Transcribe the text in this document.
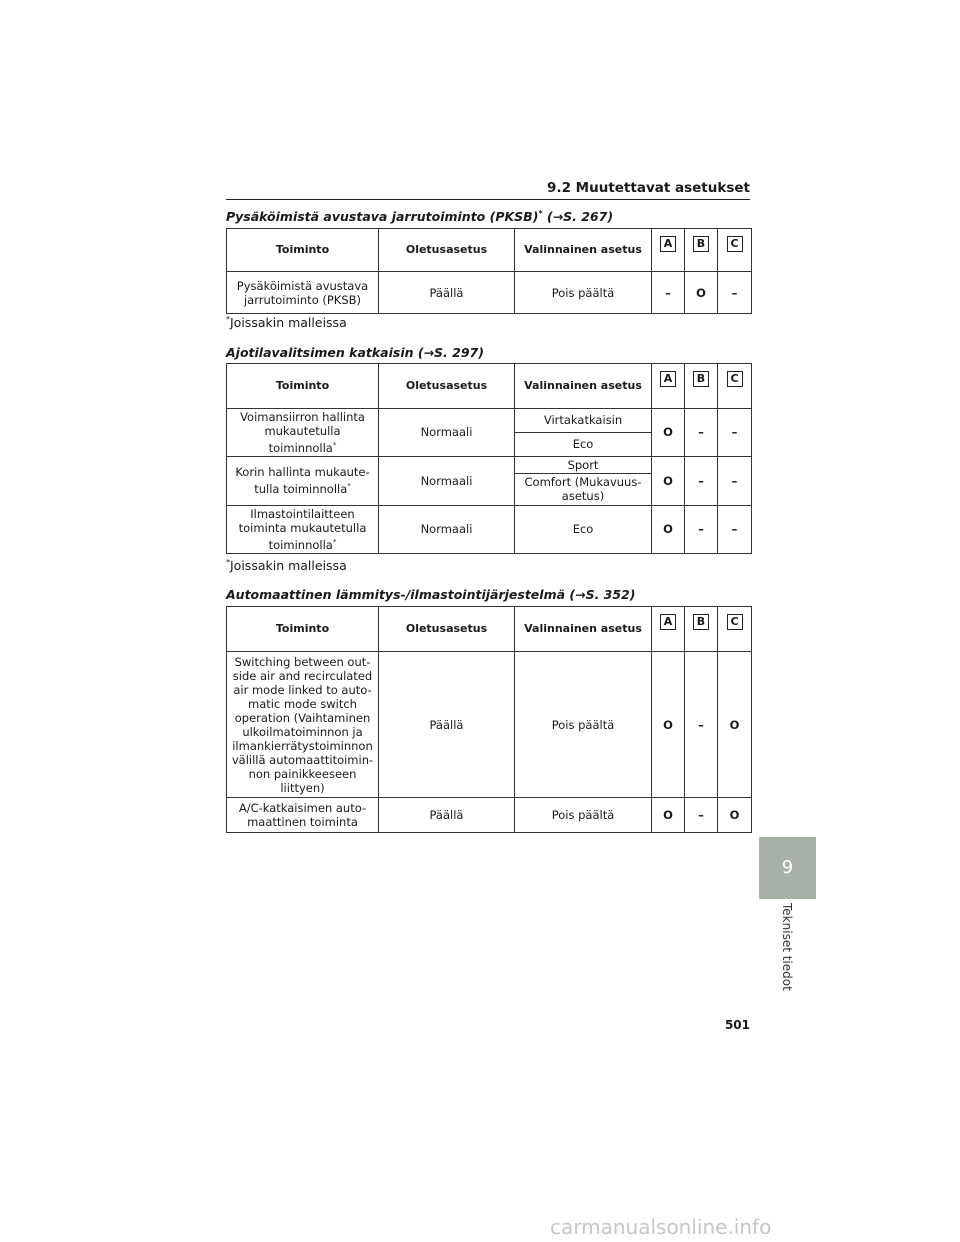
9.2 Muutettavat asetukset
Pysäköimistä avustava jarrutoiminto (PKSB)* (→S. 267)
Toiminto	Oletusasetus	Valinnainen asetus	A	B	C

Pysäköimistä avustava jarrutoiminto (PKSB)	Päällä	Pois päältä	–	O	–
*Joissakin malleissa
Ajotilavalitsimen katkaisin (→S. 297)
Toiminto	Oletusasetus	Valinnainen asetus	A	B	C

Voimansiirron hallinta mukautetulla toiminnolla*	Normaali	Virtakatkaisin	O	–	–
		Eco			
Korin hallinta mukaute-tulla toiminnolla*	Normaali	Sport	O	–	–
		Comfort (Mukavuus-asetus)			
Ilmastointilaitteen toiminta mukautetulla toiminnolla*	Normaali	Eco	O	–	–
*Joissakin malleissa
Automaattinen lämmitys-/ilmastointijärjestelmä (→S. 352)
Toiminto	Oletusasetus	Valinnainen asetus	A	B	C

Switching between out-side air and recirculated air mode linked to auto-matic mode switch operation (Vaihtaminen ulkoilmatoiminnon ja ilmankierrätystoiminnon välillä automaattitoimin-non painikkeeseen liittyen)	Päällä	Pois päältä	O	–	O
A/C-katkaisimen auto-maattinen toiminta	Päällä	Pois päältä	O	–	O
9
Tekniset tiedot
501
carmanualsonline.info
